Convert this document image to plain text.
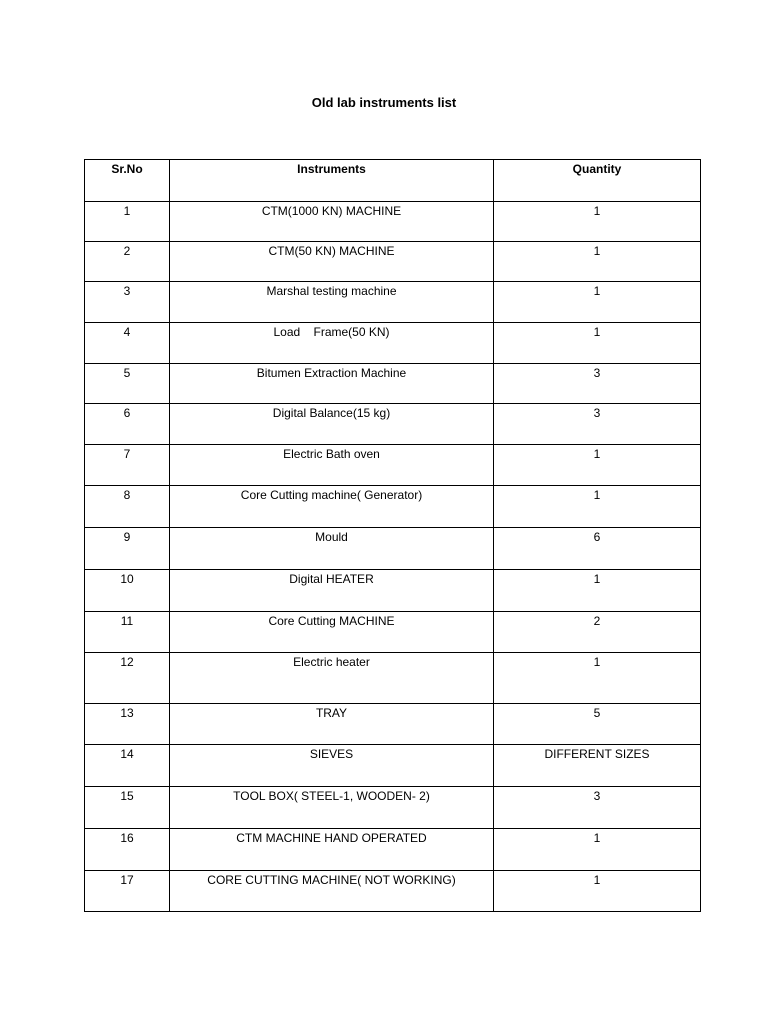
Old lab instruments list
Sr.No	Instruments	Quantity
1	CTM(1000 KN) MACHINE	1
2	CTM(50 KN) MACHINE	1
3	Marshal testing machine	1
4	Load    Frame(50 KN)	1
5	Bitumen Extraction Machine	3
6	Digital Balance(15 kg)	3
7	Electric Bath oven	1
8	Core Cutting machine( Generator)	1
9	Mould	6
10	Digital HEATER	1
11	Core Cutting MACHINE	2
12	Electric heater	1
13	TRAY	5
14	SIEVES	DIFFERENT SIZES
15	TOOL BOX( STEEL-1, WOODEN- 2)	3
16	CTM MACHINE HAND OPERATED	1
17	CORE CUTTING MACHINE( NOT WORKING)	1
